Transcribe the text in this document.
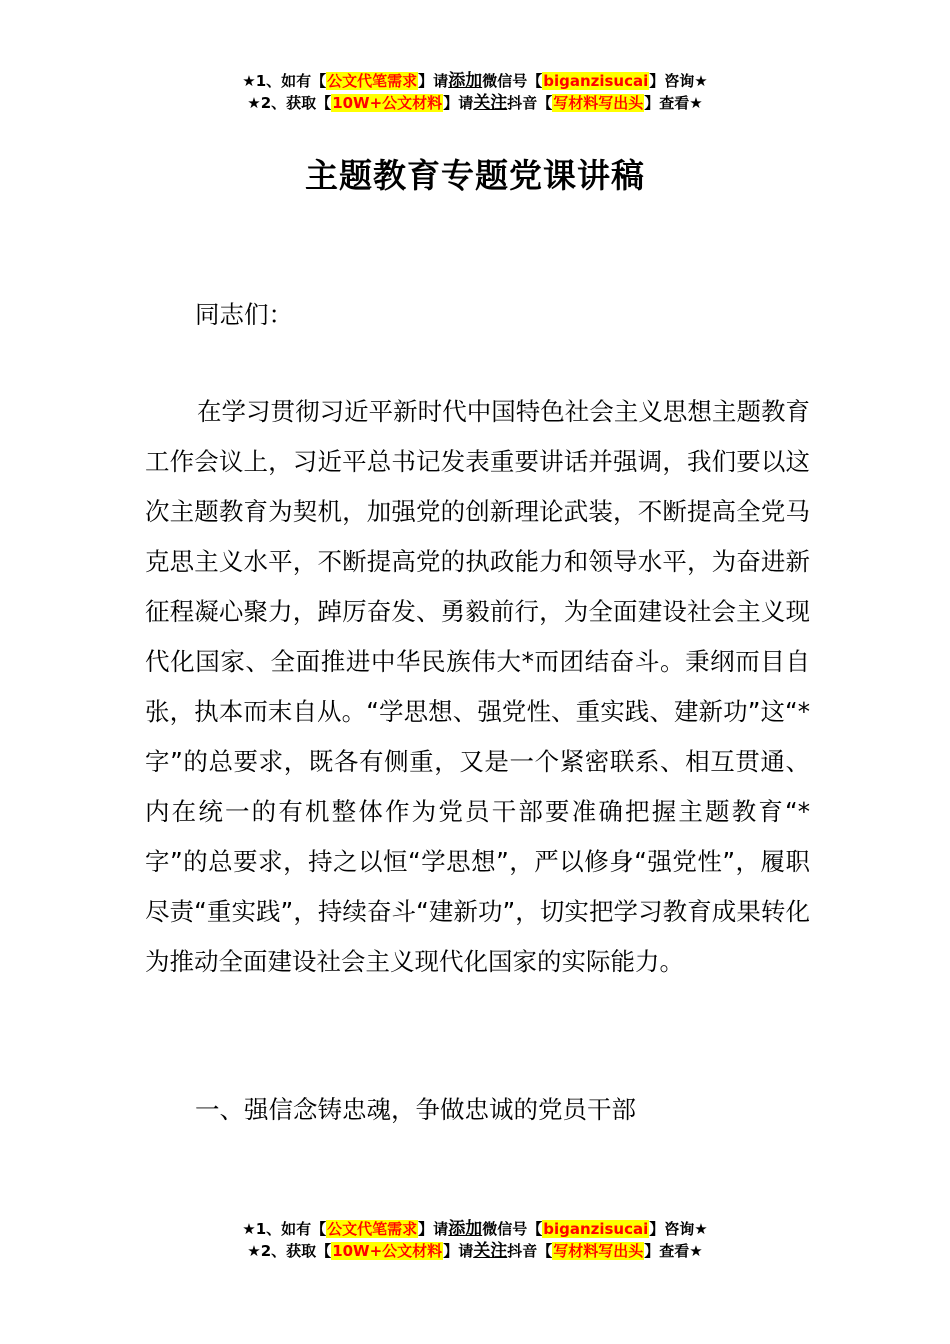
★1、如有【公文代笔需求】请添加微信号【biganzisucai】咨询★
★2、获取【10W+公文材料】请关注抖音【写材料写出头】查看★
主题教育专题党课讲稿
同志们：
在学习贯彻习近平新时代中国特色社会主义思想主题教育工作会议上，习近平总书记发表重要讲话并强调，我们要以这次主题教育为契机，加强党的创新理论武装，不断提高全党马克思主义水平，不断提高党的执政能力和领导水平，为奋进新征程凝心聚力，踔厉奋发、勇毅前行，为全面建设社会主义现代化国家、全面推进中华民族伟大*而团结奋斗。秉纲而目自张，执本而末自从。“学思想、强党性、重实践、建新功”这“*字”的总要求，既各有侧重，又是一个紧密联系、相互贯通、内在统一的有机整体作为党员干部要准确把握主题教育“*字”的总要求，持之以恒“学思想”，严以修身“强党性”，履职尽责“重实践”，持续奋斗“建新功”，切实把学习教育成果转化为推动全面建设社会主义现代化国家的实际能力。
一、强信念铸忠魂，争做忠诚的党员干部
★1、如有【公文代笔需求】请添加微信号【biganzisucai】咨询★
★2、获取【10W+公文材料】请关注抖音【写材料写出头】查看★
